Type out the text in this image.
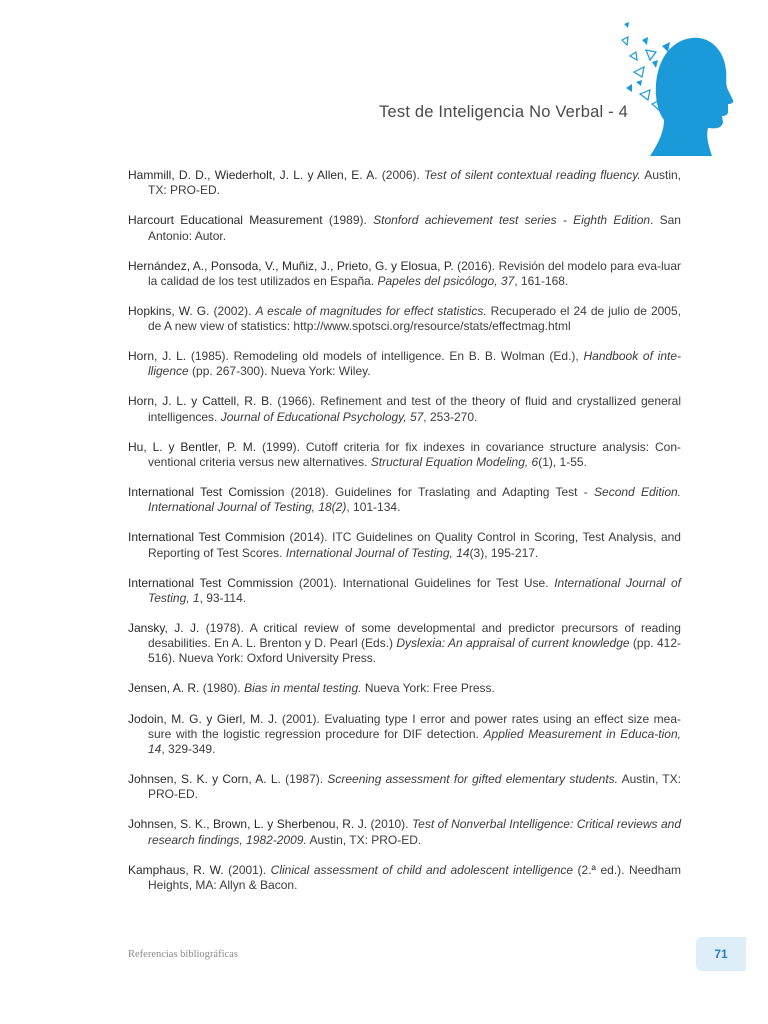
Test de Inteligencia No Verbal - 4

Hammill, D. D., Wiederholt, J. L. y Allen, E. A. (2006). Test of silent contextual reading fluency. Austin, TX: PRO-ED.

Harcourt Educational Measurement (1989). Stonford achievement test series - Eighth Edition. San Antonio: Autor.

Hernández, A., Ponsoda, V., Muñiz, J., Prieto, G. y Elosua, P. (2016). Revisión del modelo para eva-luar la calidad de los test utilizados en España. Papeles del psicólogo, 37, 161-168.

Hopkins, W. G. (2002). A escale of magnitudes for effect statistics. Recuperado el 24 de julio de 2005, de A new view of statistics: http://www.spotsci.org/resource/stats/effectmag.html

Horn, J. L. (1985). Remodeling old models of intelligence. En B. B. Wolman (Ed.), Handbook of inte-lligence (pp. 267-300). Nueva York: Wiley.

Horn, J. L. y Cattell, R. B. (1966). Refinement and test of the theory of fluid and crystallized general intelligences. Journal of Educational Psychology, 57, 253-270.

Hu, L. y Bentler, P. M. (1999). Cutoff criteria for fix indexes in covariance structure analysis: Con-ventional criteria versus new alternatives. Structural Equation Modeling, 6(1), 1-55.

International Test Comission (2018). Guidelines for Traslating and Adapting Test - Second Edition. International Journal of Testing, 18(2), 101-134.

International Test Commision (2014). ITC Guidelines on Quality Control in Scoring, Test Analysis, and Reporting of Test Scores. International Journal of Testing, 14(3), 195-217.

International Test Commission (2001). International Guidelines for Test Use. International Journal of Testing, 1, 93-114.

Jansky, J. J. (1978). A critical review of some developmental and predictor precursors of reading desabilities. En A. L. Brenton y D. Pearl (Eds.) Dyslexia: An appraisal of current knowledge (pp. 412-516). Nueva York: Oxford University Press.

Jensen, A. R. (1980). Bias in mental testing. Nueva York: Free Press.

Jodoin, M. G. y Gierl, M. J. (2001). Evaluating type I error and power rates using an effect size mea-sure with the logistic regression procedure for DIF detection. Applied Measurement in Educa-tion, 14, 329-349.

Johnsen, S. K. y Corn, A. L. (1987). Screening assessment for gifted elementary students. Austin, TX: PRO-ED.

Johnsen, S. K., Brown, L. y Sherbenou, R. J. (2010). Test of Nonverbal Intelligence: Critical reviews and research findings, 1982-2009. Austin, TX: PRO-ED.

Kamphaus, R. W. (2001). Clinical assessment of child and adolescent intelligence (2.ª ed.). Needham Heights, MA: Allyn & Bacon.

Referencias bibliográficas	71
